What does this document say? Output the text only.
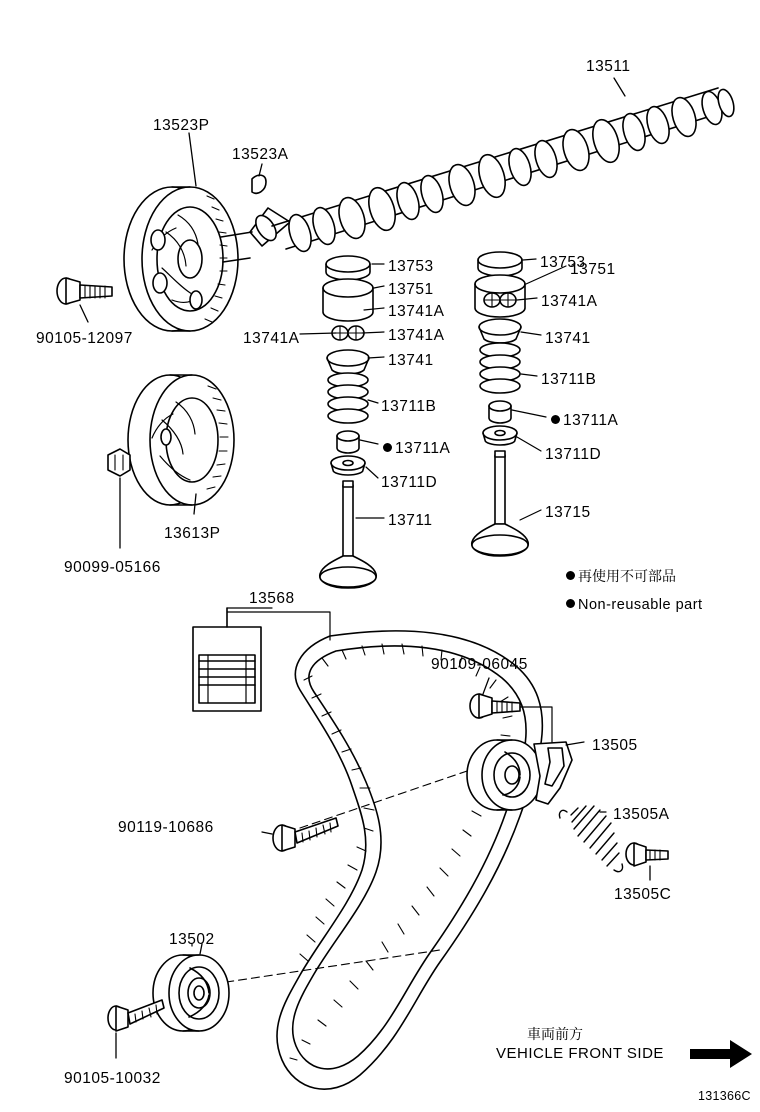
13511
13523P
13523A
13753
13751
13741A
13741
13711B
13711A
13711D
13715
13753
13751
13741A
13741A
13741A
13741
13711B
13711A
13711D
13711
90105-12097
13613P
90099-05166
13568
90109-06045
13505
13505A
13505C
90119-10686
13502
90105-10032
再使用不可部品
Non-reusable part
車両前方
VEHICLE FRONT SIDE
131366C
